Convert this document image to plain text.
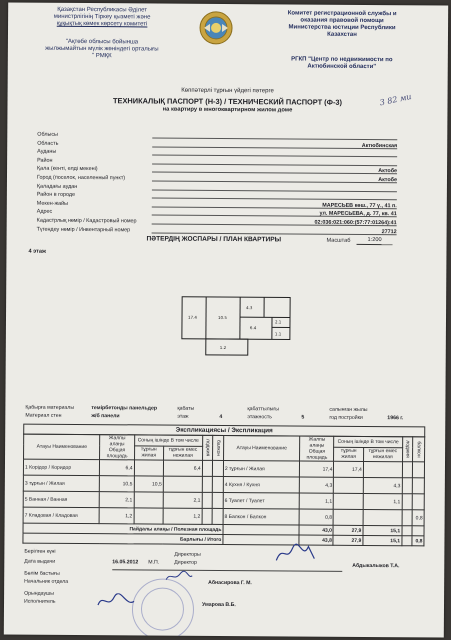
Қазақстан Республикасы Әділет
министрлігінің Тіркеу қызметі және
құқықтық көмек көрсету комитеті
"Ақтөбе облысы бойынша
жылжымайтын мүлік жөніндегі орталығы
" РМҚК
Комитет регистрационной службы и
оказания правовой помощи
Министерства юстиции Республики
Казахстан
РГКП "Центр по недвижимости по
Актюбинской области"
3 82 ми
Көппәтерлі тұрғын үйдегі пәтерге
ТЕХНИКАЛЫҚ ПАСПОРТ (Н-3) / ТЕХНИЧЕСКИЙ ПАСПОРТ (Ф-3)
на квартиру в многоквартирном жилом доме
Облысы
Область	Актюбинская
Ауданы
Район
Қала (кенті, елді мекені)	Актобе
Город (поселок, населенный пункт)	Актобе
Қаладағы аудан
Район в городе
Мекен-жайы	МАРЕСЬЕВ көш., 77 ү., 41 п.
Адрес	ул. МАРЕСЬЕВА, д. 77, кв. 41
Кадастрлық нөмір / Кадастровый номер	02:036:021:060:(57:77:01264):41
Түгендеу нөмір / Инвентарный номер	27712
ПӘТЕРДІҢ ЖОСПАРЫ / ПЛАН КВАРТИРЫ	Масштаб	1:200
4 этаж
17.4	10.5
6.4
4.3
2.1
1.1
1.2
Қабырға материалы
Материал стен
темірбетонды панельдер
ж/б панели
қабаты
этаж	4
қабаттылығы
этажность	5
салынған жылы
год постройки	1966 г.
Экспликациясы / Экспликация
Атауы Наименование	Жалпы алаңы Общая площадь	Соның ішінде В том числе		лоджия	балкон	Атауы Наименование	Жалпы алаңы Общая площадь	Соның ішінде В том числе		лоджия	балкон
		тұрғын жилая	тұрғын емес нежилая					тұрғын жилая	тұрғын емес нежилая		
1 Корідор / Коридор	6,4		6,4			2 тұрғын / Жилая	17,4	17,4			
3 тұрғын / Жилая	10,5	10,5				4 Кухня / Кухня	4,3		4,3		
5 Ванная / Ванная	2,1		2,1			6 Туалет / Туалет	1,1		1,1		
7 Кладовая / Кладовая	1,2		1,2			8 Балкон / Балкон	0,8				0,8
Пайдалы алаңы / Полезная площадь							43,0	27,9	15,1		
Барлығы / Итого							43,8	27,9	15,1		0,8
Берілген күні
Дата выдачи	16.05.2012 М.П.
Директоры
Директор
Абдыкалыков Т.А.
Бөлім бастығы
Начальник отдела	Абнасирова Г. М.
Орындаушы
Исполнитель
Умарова В.Б.
